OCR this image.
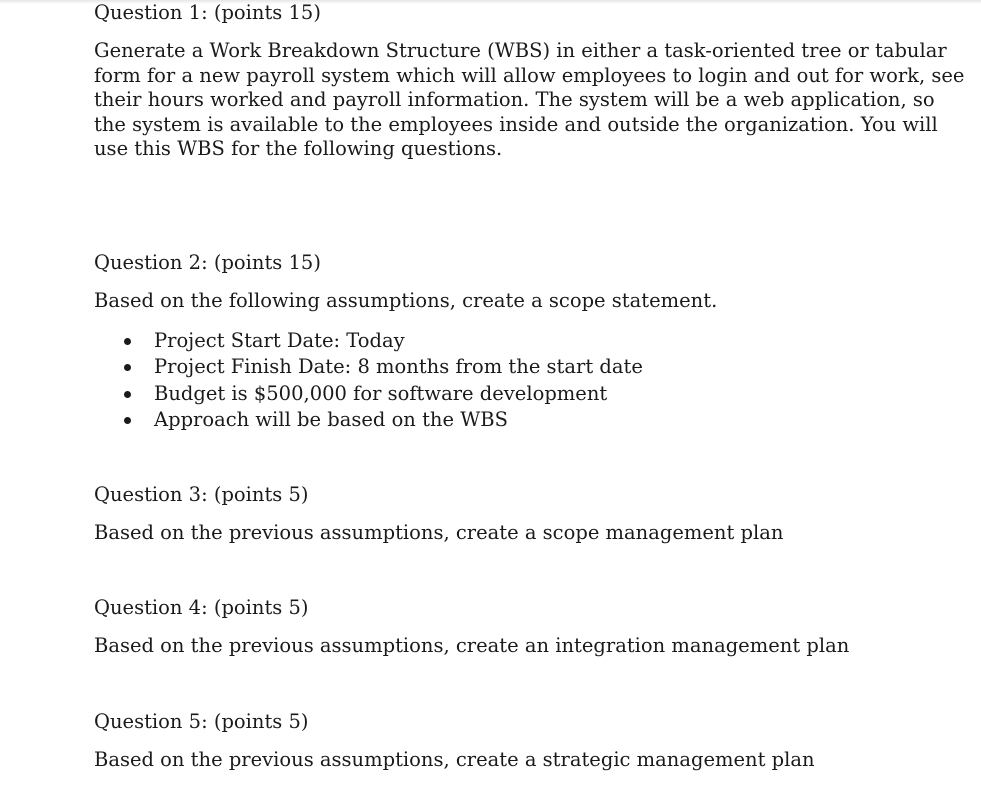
Question 1: (points 15)
Generate a Work Breakdown Structure (WBS) in either a task-oriented tree or tabular
form for a new payroll system which will allow employees to login and out for work, see
their hours worked and payroll information. The system will be a web application, so
the system is available to the employees inside and outside the organization. You will
use this WBS for the following questions.
Question 2: (points 15)
Based on the following assumptions, create a scope statement.
Project Start Date: Today
Project Finish Date: 8 months from the start date
Budget is $500,000 for software development
Approach will be based on the WBS
Question 3: (points 5)
Based on the previous assumptions, create a scope management plan
Question 4: (points 5)
Based on the previous assumptions, create an integration management plan
Question 5: (points 5)
Based on the previous assumptions, create a strategic management plan
